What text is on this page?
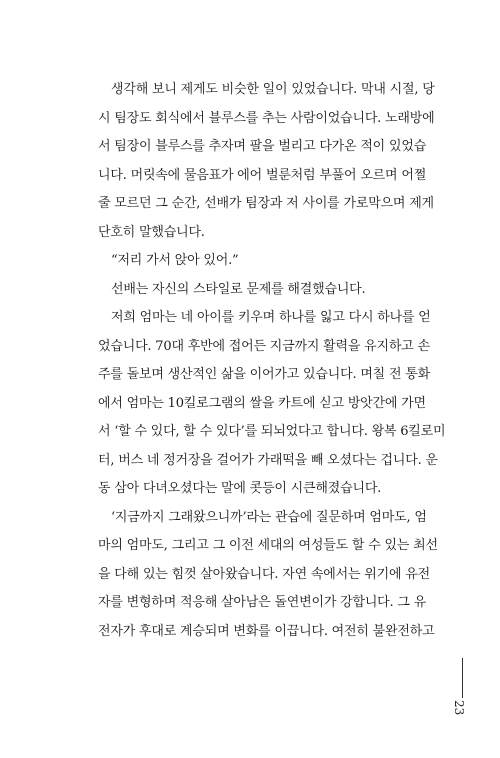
생각해 보니 제게도 비슷한 일이 있었습니다. 막내 시절, 당
시 팀장도 회식에서 블루스를 추는 사람이었습니다. 노래방에
서 팀장이 블루스를 추자며 팔을 벌리고 다가온 적이 있었습
니다. 머릿속에 물음표가 에어 벌룬처럼 부풀어 오르며 어쩔
줄 모르던 그 순간, 선배가 팀장과 저 사이를 가로막으며 제게
단호히 말했습니다.
“저리 가서 앉아 있어.”
선배는 자신의 스타일로 문제를 해결했습니다.
저희 엄마는 네 아이를 키우며 하나를 잃고 다시 하나를 얻
었습니다. 70대 후반에 접어든 지금까지 활력을 유지하고 손
주를 돌보며 생산적인 삶을 이어가고 있습니다. 며칠 전 통화
에서 엄마는 10킬로그램의 쌀을 카트에 싣고 방앗간에 가면
서 ‘할 수 있다, 할 수 있다’를 되뇌었다고 합니다. 왕복 6킬로미
터, 버스 네 정거장을 걸어가 가래떡을 빼 오셨다는 겁니다. 운
동 삼아 다녀오셨다는 말에 콧등이 시큰해졌습니다.
‘지금까지 그래왔으니까’라는 관습에 질문하며 엄마도, 엄
마의 엄마도, 그리고 그 이전 세대의 여성들도 할 수 있는 최선
을 다해 있는 힘껏 살아왔습니다. 자연 속에서는 위기에 유전
자를 변형하며 적응해 살아남은 돌연변이가 강합니다. 그 유
전자가 후대로 계승되며 변화를 이끕니다. 여전히 불완전하고
23
